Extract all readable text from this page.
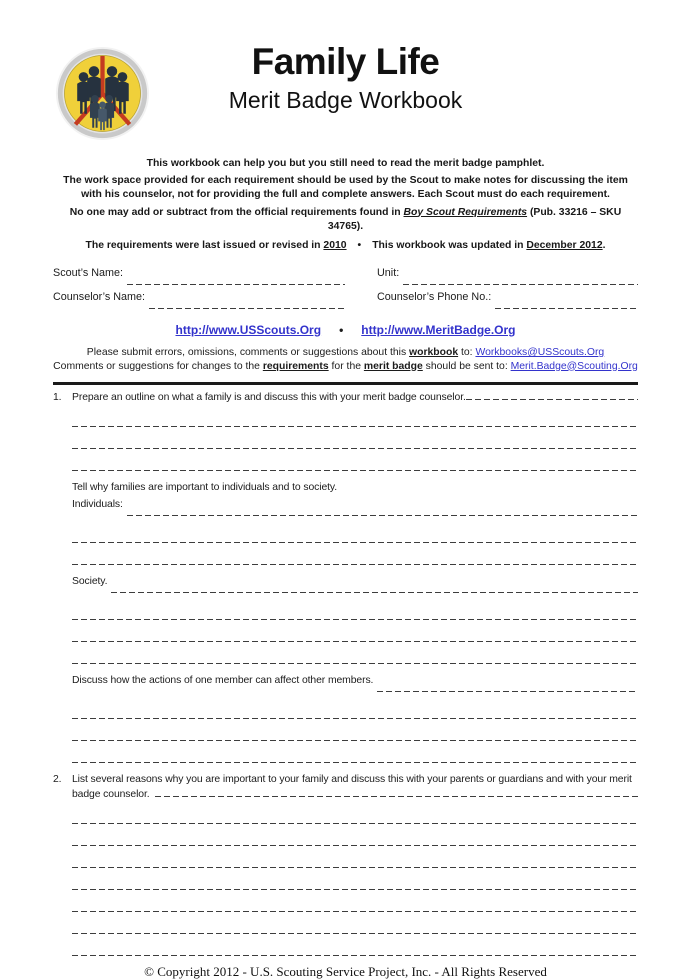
Family Life
Merit Badge Workbook

This workbook can help you but you still need to read the merit badge pamphlet.

The work space provided for each requirement should be used by the Scout to make notes for discussing the item with his counselor, not for providing the full and complete answers. Each Scout must do each requirement.

No one may add or subtract from the official requirements found in Boy Scout Requirements (Pub. 33216 – SKU 34765).

The requirements were last issued or revised in 2010 • This workbook was updated in December 2012.

Scout’s Name:	Unit:
Counselor’s Name:	Counselor’s Phone No.:
http://www.USScouts.Org • http://www.MeritBadge.Org

Please submit errors, omissions, comments or suggestions about this workbook to: Workbooks@USScouts.Org

Comments or suggestions for changes to the requirements for the merit badge should be sent to: Merit.Badge@Scouting.Org

1.	Prepare an outline on what a family is and discuss this with your merit badge counselor.

Tell why families are important to individuals and to society.

Individuals:
Society.
Discuss how the actions of one member can affect other members.
2.	List several reasons why you are important to your family and discuss this with your parents or guardians and with your merit
badge counselor.

© Copyright 2012 - U.S. Scouting Service Project, Inc. - All Rights Reserved
